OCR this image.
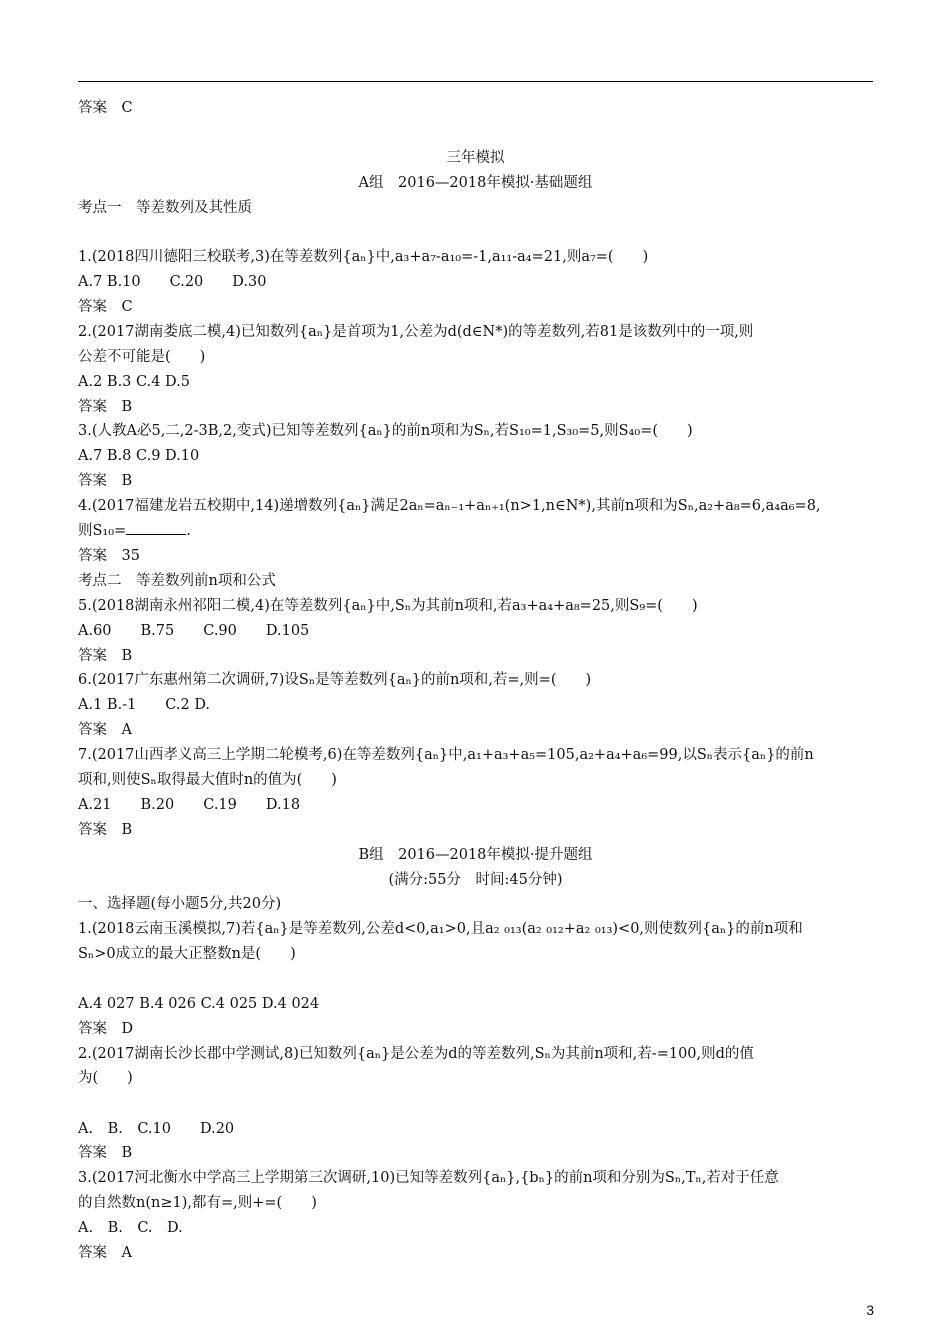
答案　C
三年模拟
A组　2016—2018年模拟·基础题组
考点一　等差数列及其性质
1.(2018四川德阳三校联考,3)在等差数列{aₙ}中,a₃+a₇-a₁₀=-1,a₁₁-a₄=21,则a₇=(　　)
A.7 B.10　　C.20　　D.30
答案　C
2.(2017湖南娄底二模,4)已知数列{aₙ}是首项为1,公差为d(d∈N*)的等差数列,若81是该数列中的一项,则
公差不可能是(　　)
A.2 B.3 C.4 D.5
答案　B
3.(人教A必5,二,2-3B,2,变式)已知等差数列{aₙ}的前n项和为Sₙ,若S₁₀=1,S₃₀=5,则S₄₀=(　　)
A.7 B.8 C.9 D.10
答案　B
4.(2017福建龙岩五校期中,14)递增数列{aₙ}满足2aₙ=aₙ₋₁+aₙ₊₁(n>1,n∈N*),其前n项和为Sₙ,a₂+a₈=6,a₄a₆=8,
则S₁₀=	.
答案　35
考点二　等差数列前n项和公式
5.(2018湖南永州祁阳二模,4)在等差数列{aₙ}中,Sₙ为其前n项和,若a₃+a₄+a₈=25,则S₉=(　　)
A.60　　B.75　　C.90　　D.105
答案　B
6.(2017广东惠州第二次调研,7)设Sₙ是等差数列{aₙ}的前n项和,若=,则=(　　)
A.1 B.-1　　C.2 D.
答案　A
7.(2017山西孝义高三上学期二轮模考,6)在等差数列{aₙ}中,a₁+a₃+a₅=105,a₂+a₄+a₆=99,以Sₙ表示{aₙ}的前n
项和,则使Sₙ取得最大值时n的值为(　　)
A.21　　B.20　　C.19　　D.18
答案　B
B组　2016—2018年模拟·提升题组
(满分:55分　时间:45分钟)
一、选择题(每小题5分,共20分)
1.(2018云南玉溪模拟,7)若{aₙ}是等差数列,公差d<0,a₁>0,且a₂ ₀₁₃(a₂ ₀₁₂+a₂ ₀₁₃)<0,则使数列{aₙ}的前n项和
Sₙ>0成立的最大正整数n是(　　)
A.4 027 B.4 026 C.4 025 D.4 024
答案　D
2.(2017湖南长沙长郡中学测试,8)已知数列{aₙ}是公差为d的等差数列,Sₙ为其前n项和,若-=100,则d的值
为(　　)
A.　B.　C.10　　D.20
答案　B
3.(2017河北衡水中学高三上学期第三次调研,10)已知等差数列{aₙ},{bₙ}的前n项和分别为Sₙ,Tₙ,若对于任意
的自然数n(n≥1),都有=,则+=(　　)
A.　B.　C.　D.
答案　A
3
